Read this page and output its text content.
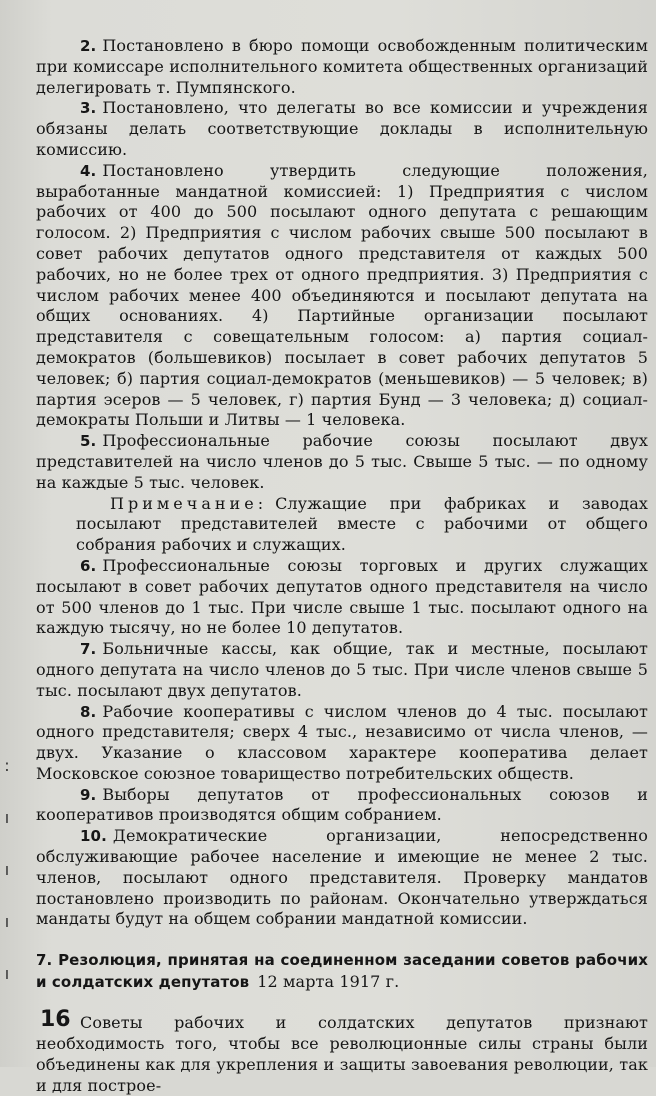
2. Постановлено в бюро помощи освобожденным политическим при комиссаре исполнительного комитета общественных организаций делегировать т. Пумпянского.

3. Постановлено, что делегаты во все комиссии и учреждения обязаны делать соответствующие доклады в исполнительную комиссию.

4. Постановлено утвердить следующие положения, выработанные мандатной комиссией: 1) Предприятия с числом рабочих от 400 до 500 посылают одного депутата с решающим голосом. 2) Предприятия с числом рабочих свыше 500 посылают в совет рабочих депутатов одного представителя от каждых 500 рабочих, но не более трех от одного предприятия. 3) Предприятия с числом рабочих менее 400 объединяются и посылают депутата на общих основаниях. 4) Партийные организации посылают представителя с совещательным голосом: а) партия социал-демократов (большевиков) посылает в совет рабочих депутатов 5 человек; б) партия социал-демократов (меньшевиков) — 5 человек; в) партия эсеров — 5 человек, г) партия Бунд — 3 человека; д) социал-демократы Польши и Литвы — 1 человека.

5. Профессиональные рабочие союзы посылают двух представителей на число членов до 5 тыс. Свыше 5 тыс. — по одному на каждые 5 тыс. человек.

Примечание: Служащие при фабриках и заводах посылают представителей вместе с рабочими от общего собрания рабочих и служащих.

6. Профессиональные союзы торговых и других служащих посылают в совет рабочих депутатов одного представителя на число от 500 членов до 1 тыс. При числе свыше 1 тыс. посылают одного на каждую тысячу, но не более 10 депутатов.

7. Больничные кассы, как общие, так и местные, посылают одного депутата на число членов до 5 тыс. При числе членов свыше 5 тыс. посылают двух депутатов.

8. Рабочие кооперативы с числом членов до 4 тыс. посылают одного представителя; сверх 4 тыс., независимо от числа членов, — двух. Указание о классовом характере кооператива делает Московское союзное товарищество потребительских обществ.

9. Выборы депутатов от профессиональных союзов и кооперативов производятся общим собранием.

10. Демократические организации, непосредственно обслуживающие рабочее население и имеющие не менее 2 тыс. членов, посылают одного представителя. Проверку мандатов постановлено производить по районам. Окончательно утверждаться мандаты будут на общем собрании мандатной комиссии.

7. Резолюция, принятая на соединенном заседании советов рабочих и солдатских депутатов 12 марта 1917 г.

Советы рабочих и солдатских депутатов признают необходимость того, чтобы все революционные силы страны были объединены как для укрепления и защиты завоевания революции, так и для построе-

:
ı
ı
ı
ı
16
